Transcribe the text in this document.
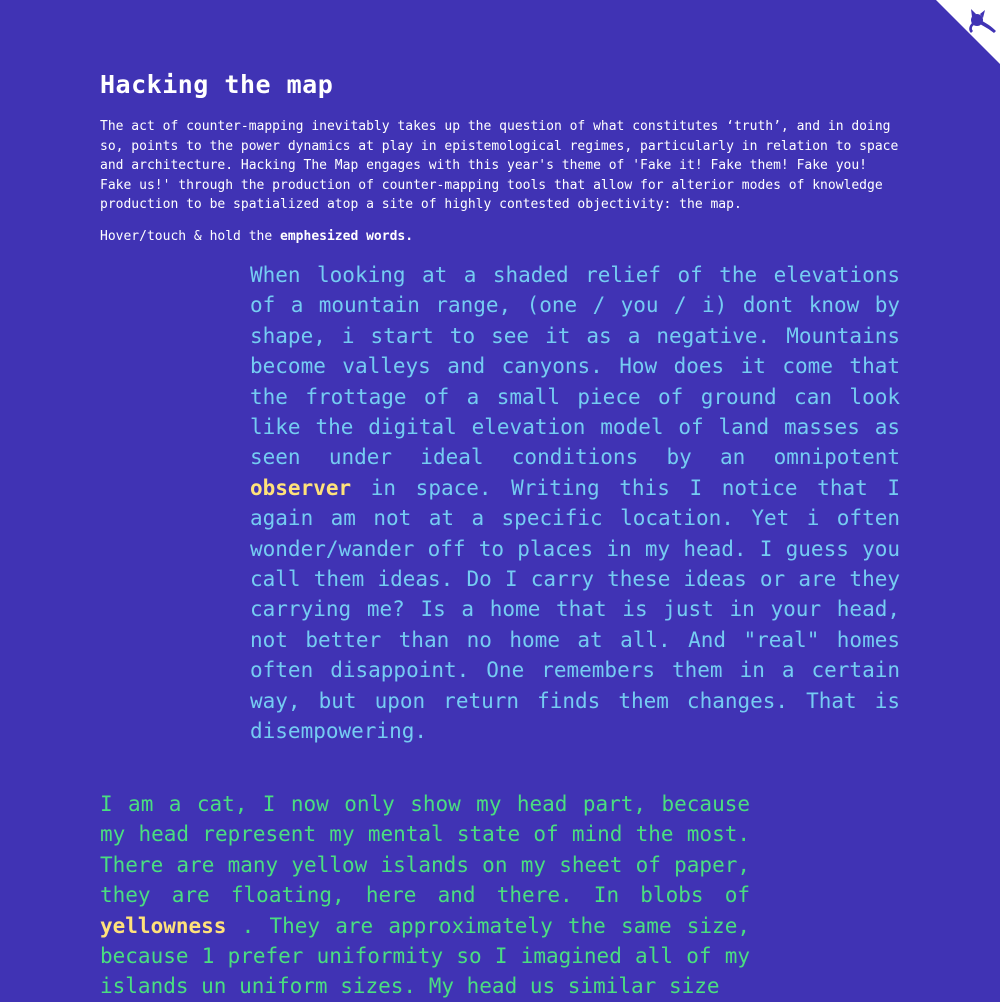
Hacking the map

The act of counter-mapping inevitably takes up the question of what constitutes ‘truth’, and in doing so, points to the power dynamics at play in epistemological regimes, particularly in relation to space and architecture. Hacking The Map engages with this year's theme of 'Fake it! Fake them! Fake you! Fake us!' through the production of counter-mapping tools that allow for alterior modes of knowledge production to be spatialized atop a site of highly contested objectivity: the map.

Hover/touch & hold the emphesized words.

When looking at a shaded relief of the elevations of a mountain range, (one / you / i) dont know by shape, i start to see it as a negative. Mountains become valleys and canyons. How does it come that the frottage of a small piece of ground can look like the digital elevation model of land masses as seen under ideal conditions by an omnipotent observer in space. Writing this I notice that I again am not at a specific location. Yet i often wonder/wander off to places in my head. I guess you call them ideas. Do I carry these ideas or are they carrying me? Is a home that is just in your head, not better than no home at all. And "real" homes often disappoint. One remembers them in a certain way, but upon return finds them changes. That is disempowering.

I am a cat, I now only show my head part, because my head represent my mental state of mind the most. There are many yellow islands on my sheet of paper, they are floating, here and there. In blobs of yellowness . They are approximately the same size, because 1 prefer uniformity so I imagined all of my islands un uniform sizes. My head us similar size
